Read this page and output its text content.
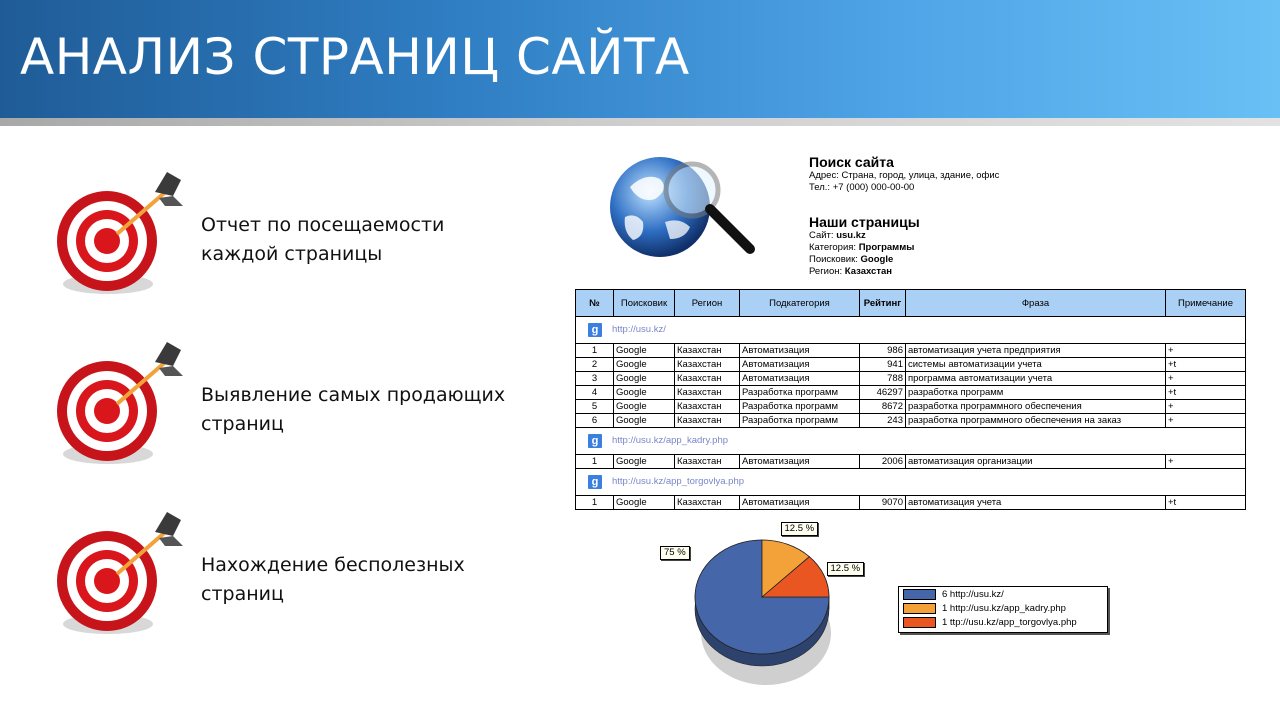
АНАЛИЗ СТРАНИЦ САЙТА
Отчет по посещаемости
каждой страницы
Выявление самых продающих
страниц
Нахождение бесполезных
страниц
Поиск сайта
Адрес: Страна, город, улица, здание, офис
Тел.: +7 (000) 000-00-00
Наши страницы
Сайт: usu.kz
Категория: Программы
Поисковик: Google
Регион: Казахстан
№	Поисковик	Регион	Подкатегория	Рейтинг	Фраза	Примечание

g http://usu.kz/						

1	Google	Казахстан	Автоматизация	986	автоматизация учета предприятия	+
2	Google	Казахстан	Автоматизация	941	системы автоматизации учета	+t
3	Google	Казахстан	Автоматизация	788	программа автоматизации учета	+
4	Google	Казахстан	Разработка программ	46297	разработка программ	+t
5	Google	Казахстан	Разработка программ	8672	разработка программного обеспечения	+
6	Google	Казахстан	Разработка программ	243	разработка программного обеспечения на заказ	+

g http://usu.kz/app_kadry.php						

1	Google	Казахстан	Автоматизация	2006	автоматизация организации	+

g http://usu.kz/app_torgovlya.php						

1	Google	Казахстан	Автоматизация	9070	автоматизация учета	+t
75 %
12.5 %
12.5 %
6 http://usu.kz/
1 http://usu.kz/app_kadry.php
1 ttp://usu.kz/app_torgovlya.php
